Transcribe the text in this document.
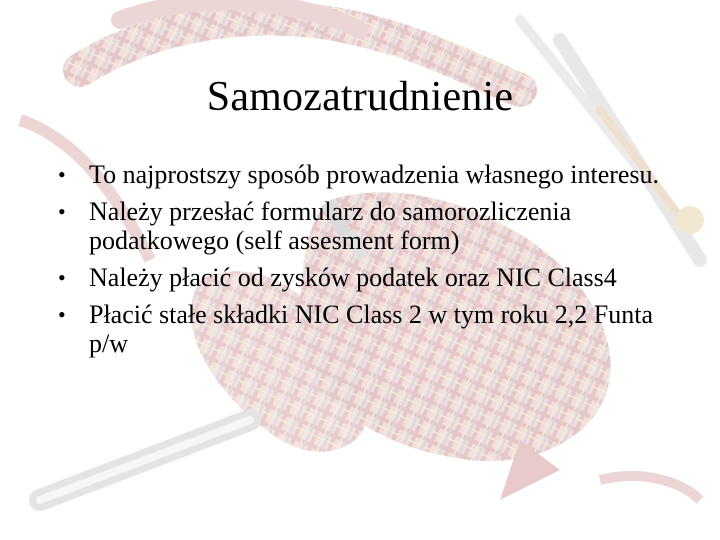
Samozatrudnienie
• To najprostszy sposób prowadzenia własnego interesu.
• Należy przesłać formularz do samorozliczenia podatkowego (self assesment form)
• Należy płacić od zysków podatek oraz NIC Class4
• Płacić stałe składki NIC Class 2 w tym roku 2,2 Funta p/w
